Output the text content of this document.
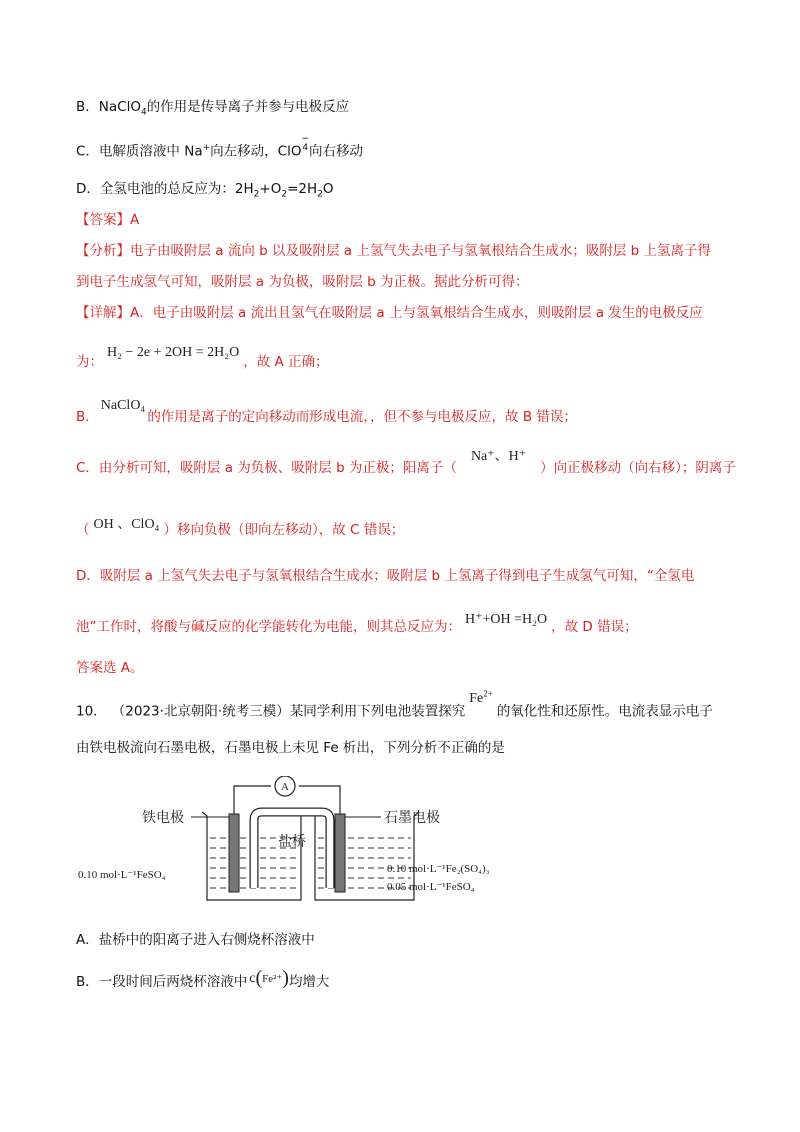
B．NaClO$_4$的作用是传导离子并参与电极反应
C．电解质溶液中 Na+向左移动，ClO
−
4 向右移动
D．全氢电池的总反应为：$2H_2+O_2=2H_2O$
【答案】A
【分析】电子由吸附层 a 流向 b 以及吸附层 a 上氢气失去电子与氢氧根结合生成水；吸附层 b 上氢离子得
到电子生成氢气可知，吸附层 a 为负极，吸附层 b 为正极。据此分析可得：
【详解】A．电子由吸附层 a 流出且氢气在吸附层 a 上与氢氧根结合生成水，则吸附层 a 发生的电极反应
为：H₂ − 2e + 2OH = 2H₂O，故 A 正确；
B．NaClO₄的作用是离子的定向移动而形成电流，，但不参与电极反应，故 B 错误；
C．由分析可知，吸附层 a 为负极、吸附层 b 为正极；阳离子（Na⁺、H⁺）向正极移动（向右移）；阴离子
（ OH 、ClO₄ ）移向负极（即向左移动），故 C 错误；
D．吸附层 a 上氢气失去电子与氢氧根结合生成水；吸附层 b 上氢离子得到电子生成氢气可知，“全氢电
池”工作时，将酸与碱反应的化学能转化为电能，则其总反应为： H⁺+OH =H₂O ，故 D 错误；
答案选 A。
10. （2023·北京朝阳·统考三模）某同学利用下列电池装置探究$Fe^{2+}$的氧化性和还原性。电流表显示电子
由铁电极流向石墨电极，石墨电极上未见 Fe 析出，下列分析不正确的是
A
盐桥
铁电极	石墨电极
0.10 mol·L⁻¹FeSO₄	0.10 mol·L⁻¹Fe₂(SO₄)₃
0.05 mol·L⁻¹FeSO₄
A．盐桥中的阳离子进入右侧烧杯溶液中
B．一段时间后两烧杯溶液中 c(Fe²⁺)均增大
